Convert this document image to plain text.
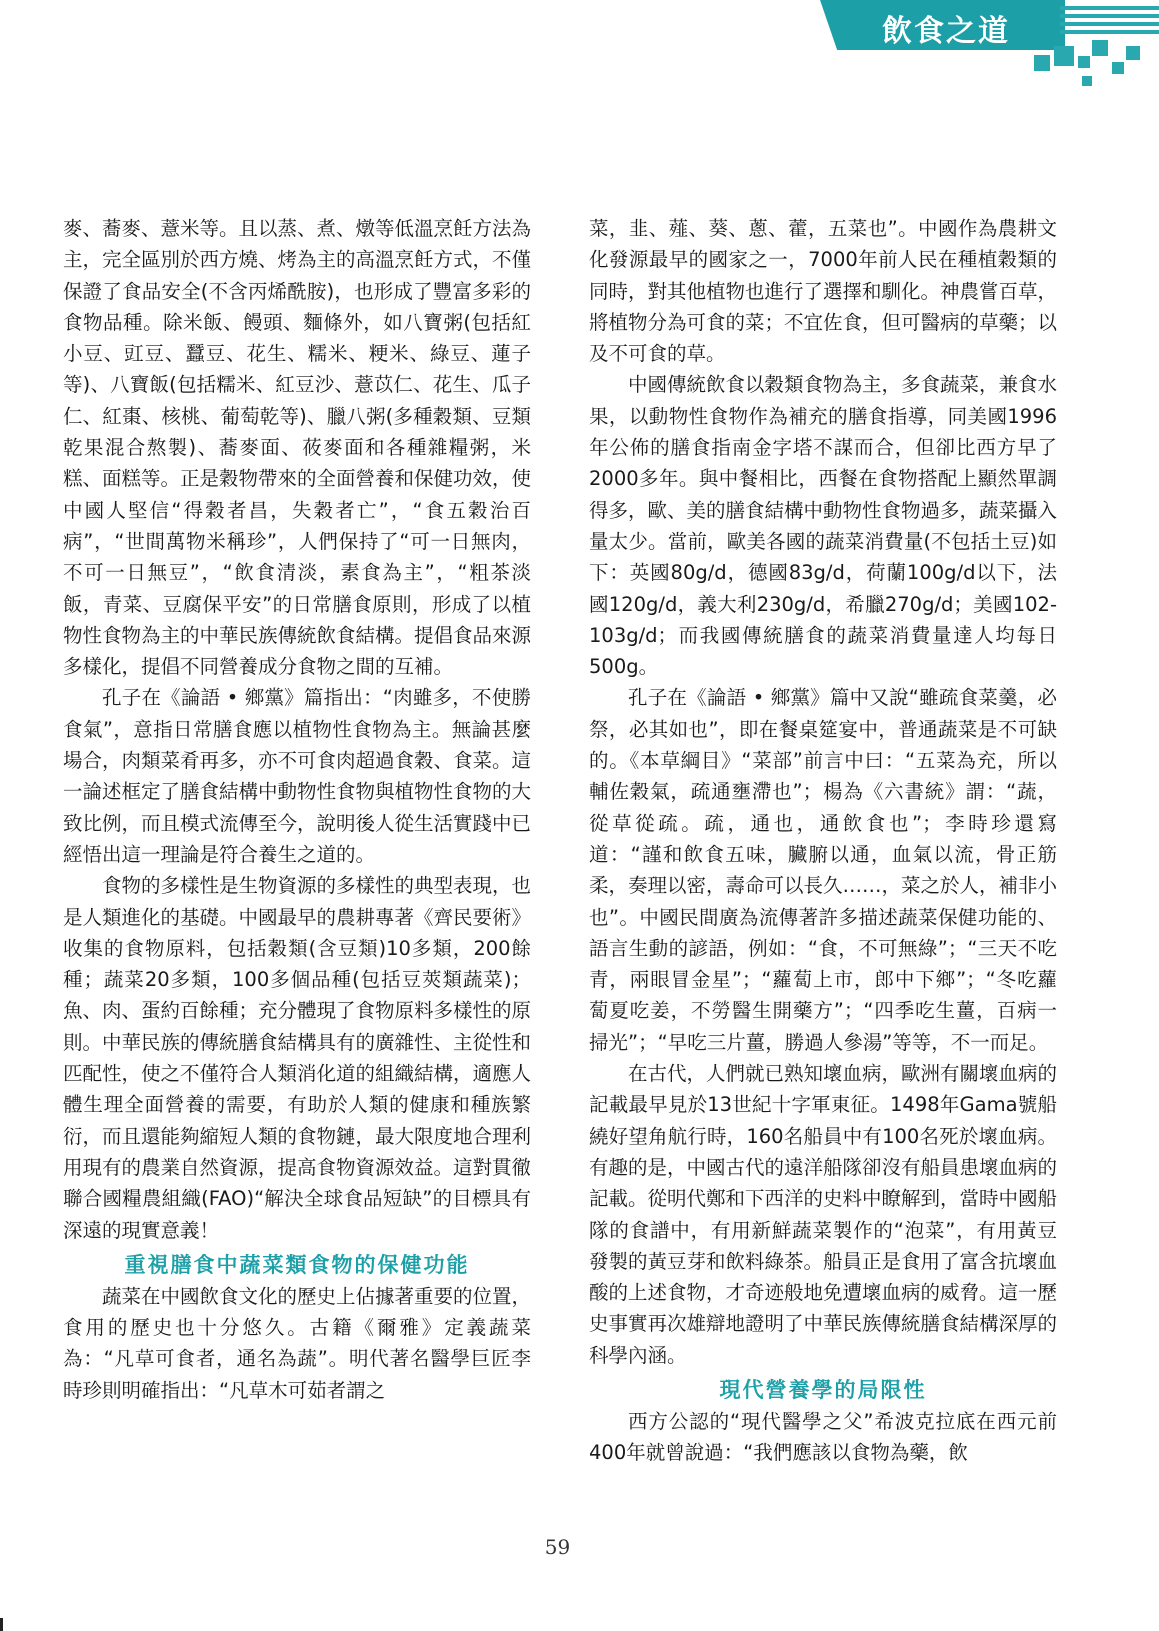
飲食之道

麥、蕎麥、薏米等。且以蒸、煮、燉等低溫烹飪方法為主，完全區別於西方燒、烤為主的高溫烹飪方式，不僅保證了食品安全(不含丙烯酰胺)，也形成了豐富多彩的食物品種。除米飯、饅頭、麵條外，如八寶粥(包括紅小豆、豇豆、蠶豆、花生、糯米、粳米、綠豆、蓮子等)、八寶飯(包括糯米、紅豆沙、薏苡仁、花生、瓜子仁、紅棗、核桃、葡萄乾等)、臘八粥(多種穀類、豆類乾果混合熬製)、蕎麥面、莜麥面和各種雜糧粥，米糕、面糕等。正是穀物帶來的全面營養和保健功效，使中國人堅信“得穀者昌，失穀者亡”，“食五穀治百病”，“世間萬物米稱珍”，人們保持了“可一日無肉，不可一日無豆”，“飲食清淡，素食為主”，“粗茶淡飯，青菜、豆腐保平安”的日常膳食原則，形成了以植物性食物為主的中華民族傳統飲食結構。提倡食品來源多樣化，提倡不同營養成分食物之間的互補。

孔子在《論語 • 鄉黨》篇指出：“肉雖多，不使勝食氣”，意指日常膳食應以植物性食物為主。無論甚麼場合，肉類菜肴再多，亦不可食肉超過食穀、食菜。這一論述框定了膳食結構中動物性食物與植物性食物的大致比例，而且模式流傳至今，說明後人從生活實踐中已經悟出這一理論是符合養生之道的。

食物的多樣性是生物資源的多樣性的典型表現，也是人類進化的基礎。中國最早的農耕專著《齊民要術》收集的食物原料，包括穀類(含豆類)10多類，200餘種；蔬菜20多類，100多個品種(包括豆莢類蔬菜)；魚、肉、蛋約百餘種；充分體現了食物原料多樣性的原則。中華民族的傳統膳食結構具有的廣雜性、主從性和匹配性，使之不僅符合人類消化道的組織結構，適應人體生理全面營養的需要，有助於人類的健康和種族繁衍，而且還能夠縮短人類的食物鏈，最大限度地合理利用現有的農業自然資源，提高食物資源效益。這對貫徹聯合國糧農組織(FAO)“解決全球食品短缺”的目標具有深遠的現實意義！

重視膳食中蔬菜類食物的保健功能

蔬菜在中國飲食文化的歷史上佔據著重要的位置，食用的歷史也十分悠久。古籍《爾雅》定義蔬菜為：“凡草可食者，通名為蔬”。明代著名醫學巨匠李時珍則明確指出：“凡草木可茹者謂之

菜，韭、薤、葵、蔥、藿，五菜也”。中國作為農耕文化發源最早的國家之一，7000年前人民在種植穀類的同時，對其他植物也進行了選擇和馴化。神農嘗百草，將植物分為可食的菜；不宜佐食，但可醫病的草藥；以及不可食的草。

中國傳統飲食以穀類食物為主，多食蔬菜，兼食水果，以動物性食物作為補充的膳食指導，同美國1996年公佈的膳食指南金字塔不謀而合，但卻比西方早了2000多年。與中餐相比，西餐在食物搭配上顯然單調得多，歐、美的膳食結構中動物性食物過多，蔬菜攝入量太少。當前，歐美各國的蔬菜消費量(不包括土豆)如下：英國80g/d，德國83g/d，荷蘭100g/d以下，法國120g/d，義大利230g/d，希臘270g/d；美國102-103g/d；而我國傳統膳食的蔬菜消費量達人均每日500g。

孔子在《論語 • 鄉黨》篇中又說“雖疏食菜羹，必祭，必其如也”，即在餐桌筵宴中，普通蔬菜是不可缺的。《本草綱目》“菜部”前言中曰：“五菜為充，所以輔佐穀氣，疏通壅滯也”；楊為《六書統》謂：“蔬，從草從疏。疏，通也，通飲食也”；李時珍還寫道：“謹和飲食五味，臟腑以通，血氣以流，骨正筋柔，奏理以密，壽命可以長久……，菜之於人，補非小也”。中國民間廣為流傳著許多描述蔬菜保健功能的、語言生動的諺語，例如：“食，不可無綠”；“三天不吃青，兩眼冒金星”；“蘿蔔上市，郎中下鄉”；“冬吃蘿蔔夏吃姜，不勞醫生開藥方”；“四季吃生薑，百病一掃光”；“早吃三片薑，勝過人參湯”等等，不一而足。

在古代，人們就已熟知壞血病，歐洲有關壞血病的記載最早見於13世紀十字軍東征。1498年Gama號船繞好望角航行時，160名船員中有100名死於壞血病。有趣的是，中國古代的遠洋船隊卻沒有船員患壞血病的記載。從明代鄭和下西洋的史料中瞭解到，當時中國船隊的食譜中，有用新鮮蔬菜製作的“泡菜”，有用黃豆發製的黃豆芽和飲料綠茶。船員正是食用了富含抗壞血酸的上述食物，才奇迹般地免遭壞血病的威脅。這一歷史事實再次雄辯地證明了中華民族傳統膳食結構深厚的科學內涵。

現代營養學的局限性

西方公認的“現代醫學之父”希波克拉底在西元前400年就曾說過：“我們應該以食物為藥，飲

59
